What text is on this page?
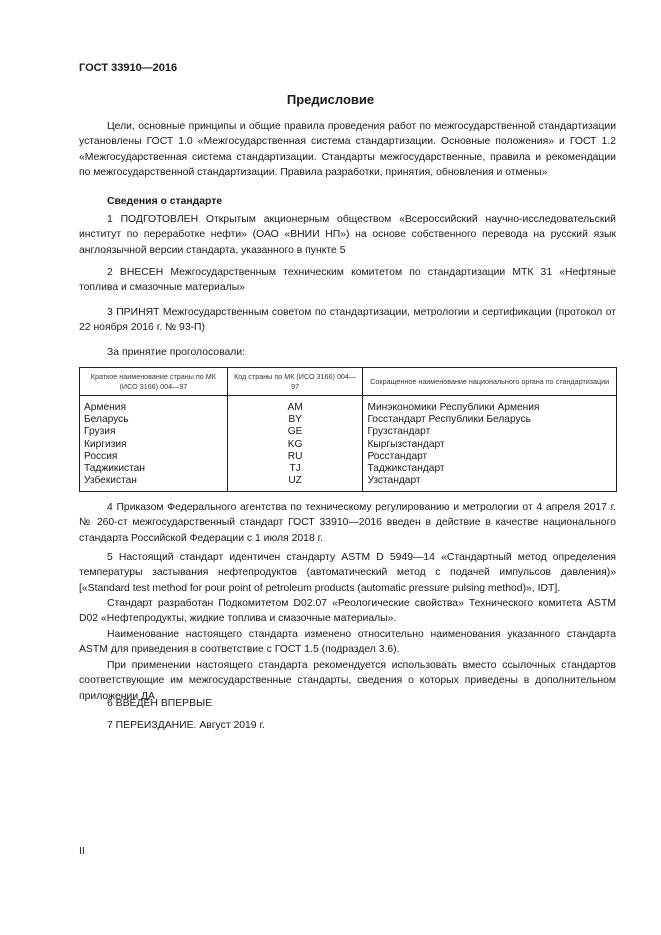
ГОСТ 33910—2016
Предисловие
Цели, основные принципы и общие правила проведения работ по межгосударственной стандартизации установлены ГОСТ 1.0 «Межгосударственная система стандартизации. Основные положения» и ГОСТ 1.2 «Межгосударственная система стандартизации. Стандарты межгосударственные, правила и рекомендации по межгосударственной стандартизации. Правила разработки, принятия, обновления и отмены»
Сведения о стандарте
1 ПОДГОТОВЛЕН Открытым акционерным обществом «Всероссийский научно-исследовательский институт по переработке нефти» (ОАО «ВНИИ НП») на основе собственного перевода на русский язык англоязычной версии стандарта, указанного в пункте 5
2 ВНЕСЕН Межгосударственным техническим комитетом по стандартизации МТК 31 «Нефтяные топлива и смазочные материалы»
3 ПРИНЯТ Межгосударственным советом по стандартизации, метрологии и сертификации (протокол от 22 ноября 2016 г. № 93-П)
За принятие проголосовали:
Краткое наименование страны по МК (ИСО 3166) 004—97	Код страны по МК (ИСО 3166) 004—97	Сокращенное наименование национального органа по стандартизации
Армения	AM	Минэкономики Республики Армения
Беларусь	BY	Госстандарт Республики Беларусь
Грузия	GE	Грузстандарт
Киргизия	KG	Кыргызстандарт
Россия	RU	Росстандарт
Таджикистан	TJ	Таджикстандарт
Узбекистан	UZ	Узстандарт
4 Приказом Федерального агентства по техническому регулированию и метрологии от 4 апреля 2017 г. № 260-ст межгосударственный стандарт ГОСТ 33910—2016 введен в действие в качестве национального стандарта Российской Федерации с 1 июля 2018 г.
5 Настоящий стандарт идентичен стандарту ASTM D 5949—14 «Стандартный метод определения температуры застывания нефтепродуктов (автоматический метод с подачей импульсов давления)» [«Standard test method for pour point of petroleum products (automatic pressure pulsing method)», IDT].
Стандарт разработан Подкомитетом D02.07 «Реологические свойства» Технического комитета ASTM D02 «Нефтепродукты, жидкие топлива и смазочные материалы».
Наименование настоящего стандарта изменено относительно наименования указанного стандарта ASTM для приведения в соответствие с ГОСТ 1.5 (подраздел 3.6).
При применении настоящего стандарта рекомендуется использовать вместо ссылочных стандартов соответствующие им межгосударственные стандарты, сведения о которых приведены в дополнительном приложении ДА
6 ВВЕДЕН ВПЕРВЫЕ
7 ПЕРЕИЗДАНИЕ. Август 2019 г.
II
